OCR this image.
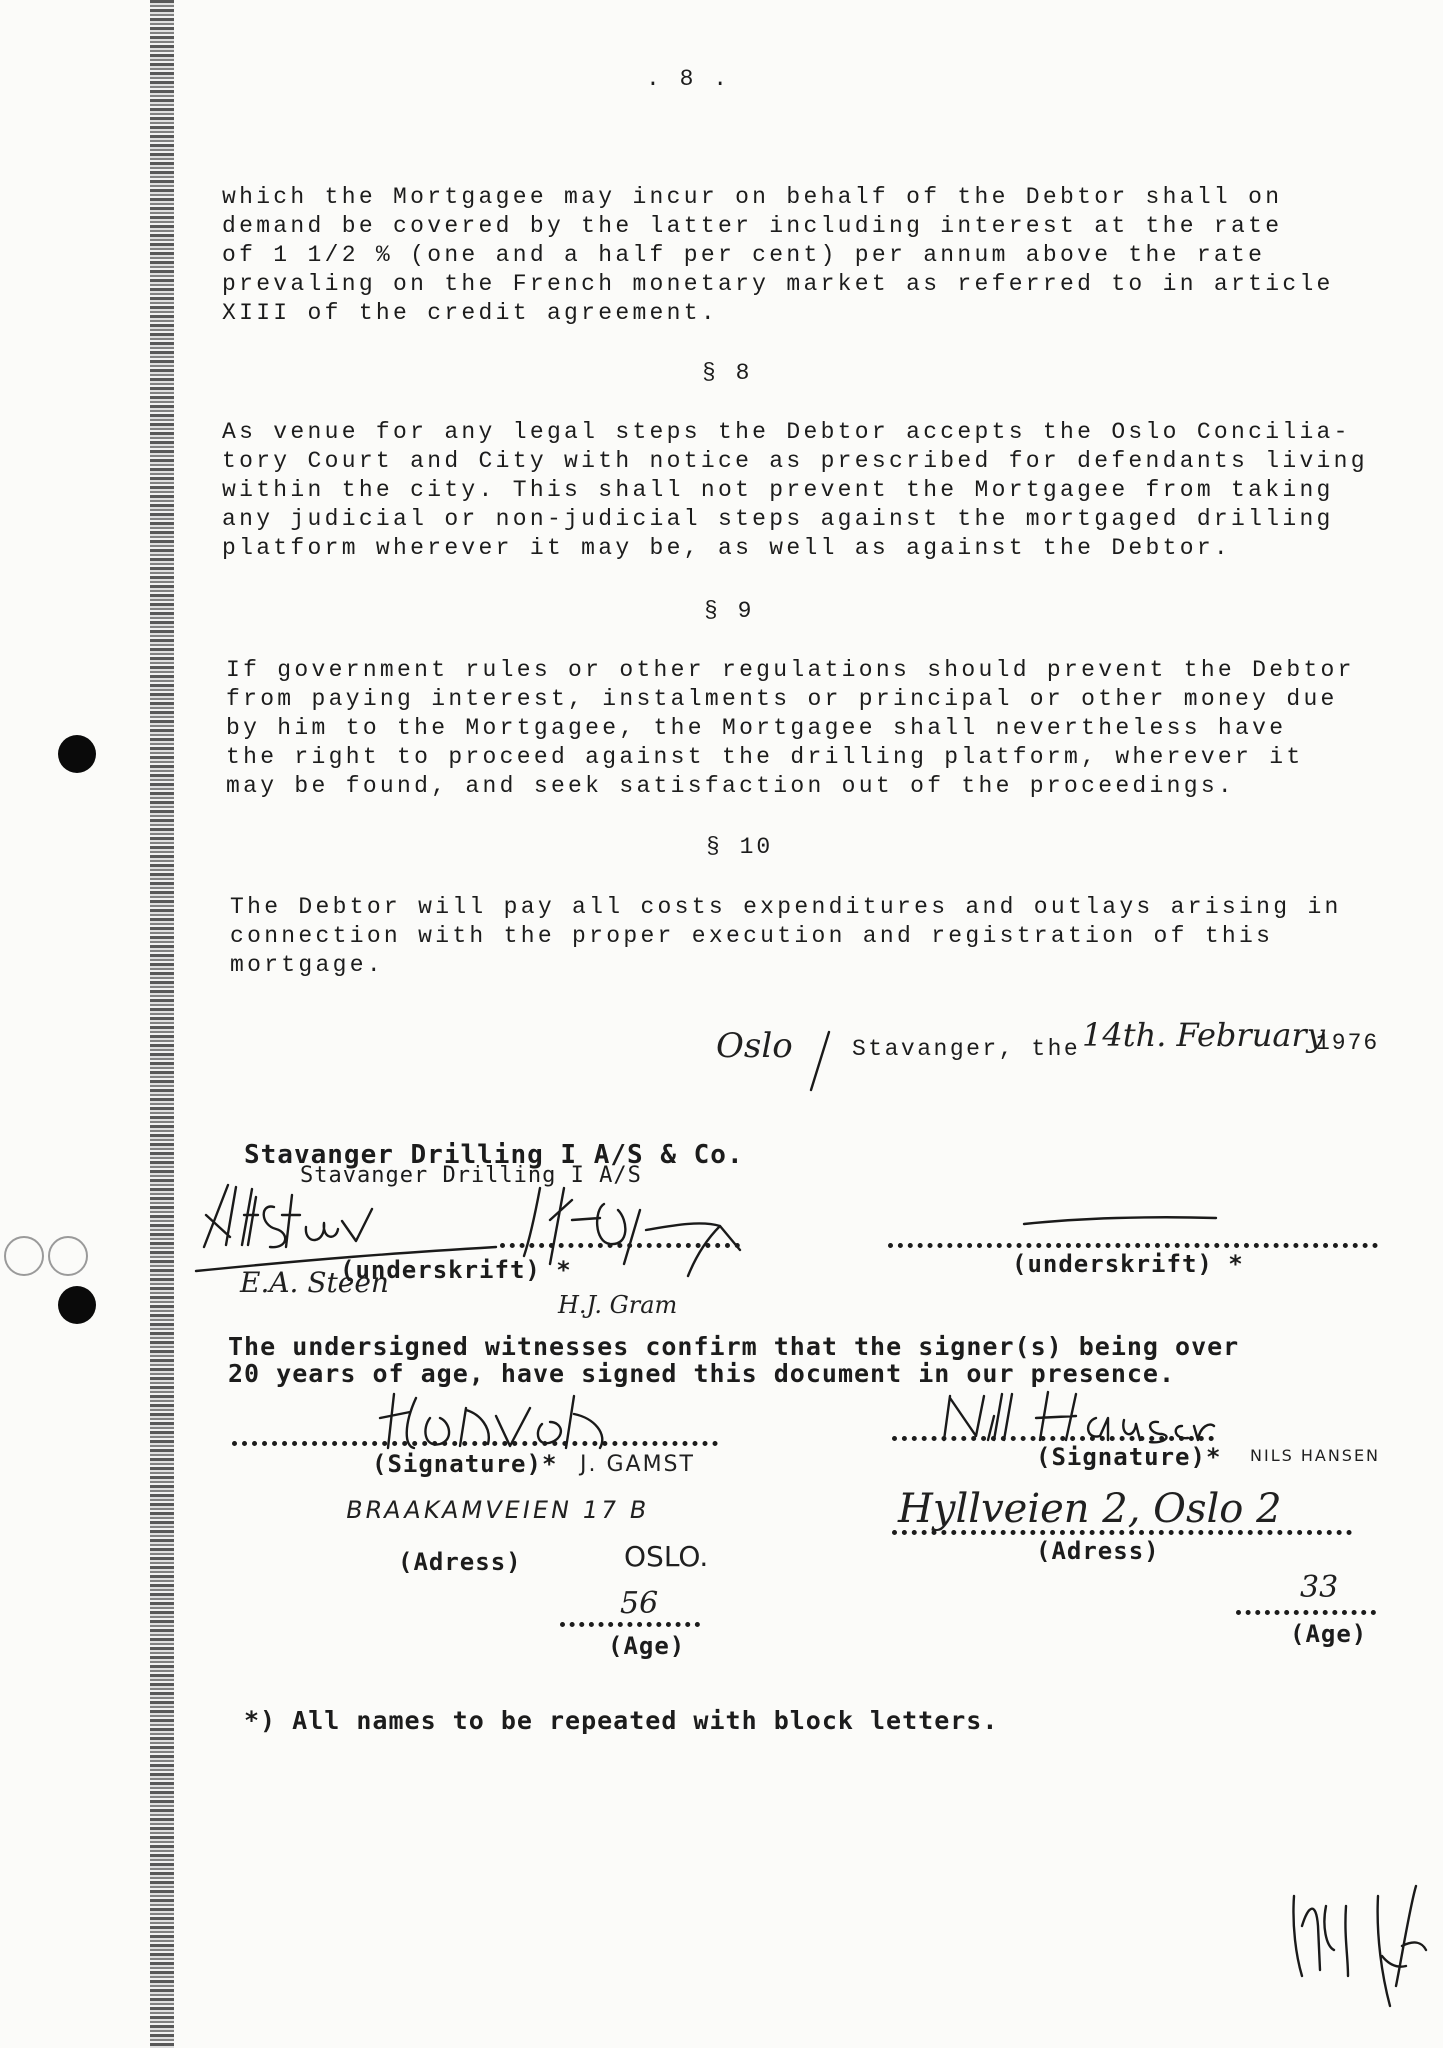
. 8 .
which the Mortgagee may incur on behalf of the Debtor shall on
demand be covered by the latter including interest at the rate
of 1 1/2 % (one and a half per cent) per annum above the rate
prevaling on the French monetary market as referred to in article
XIII of the credit agreement.
§ 8
As venue for any legal steps the Debtor accepts the Oslo Concilia-
tory Court and City with notice as prescribed for defendants living
within the city. This shall not prevent the Mortgagee from taking
any judicial or non-judicial steps against the mortgaged drilling
platform wherever it may be, as well as against the Debtor.
§ 9
If government rules or other regulations should prevent the Debtor
from paying interest, instalments or principal or other money due
by him to the Mortgagee, the Mortgagee shall nevertheless have
the right to proceed against the drilling platform, wherever it
may be found, and seek satisfaction out of the proceedings.
§ 10
The Debtor will pay all costs expenditures and outlays arising in
connection with the proper execution and registration of this
mortgage.
Oslo	Stavanger, the 14th. February
1976
Stavanger Drilling I A/S & Co.
Stavanger Drilling I A/S
(underskrift) *	(underskrift) *
E.A. Steen
H.J. Gram
The undersigned witnesses confirm that the signer(s) being over
20 years of age, have signed this document in our presence.
(Signature)* J. GAMST
BRAAKAMVEIEN 17 B
(Adress)	OSLO.
56
(Age)
(Signature)* NILS HANSEN
Hyllveien 2, Oslo 2
(Adress)
33
(Age)
*) All names to be repeated with block letters.
